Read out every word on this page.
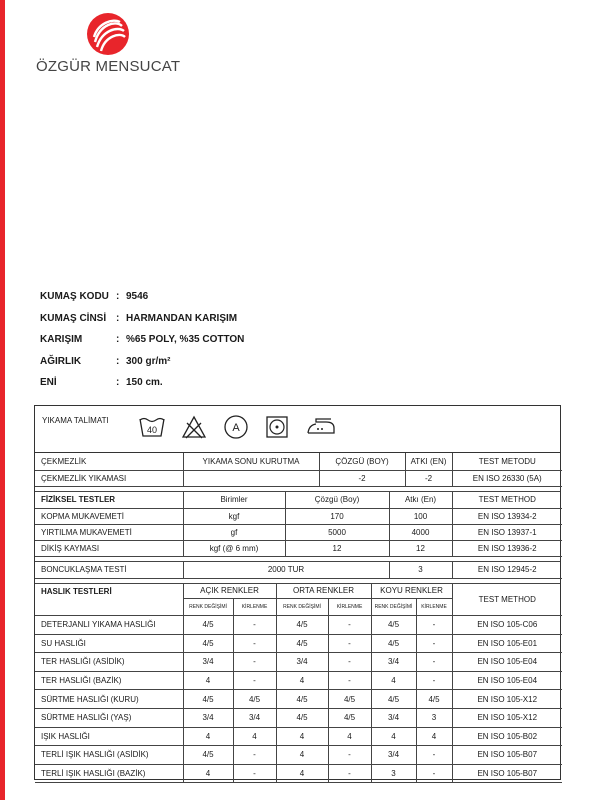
ÖZGÜR MENSUCAT
KUMAŞ KODU : 9546
KUMAŞ CİNSİ : HARMANDAN KARIŞIM
KARIŞIM	: %65 POLY, %35 COTTON
AĞIRLIK	: 300 gr/m²
ENİ	: 150 cm.
YIKAMA TALİMATI
40	A
ÇEKMEZLİK	YIKAMA SONU KURUTMA	ÇÖZGÜ (BOY)	ATKI (EN)	TEST METODU
ÇEKMEZLİK YIKAMASI		-2	-2	EN ISO 26330 (5A)
FİZİKSEL TESTLER	Birimler	Çözgü (Boy)	Atkı (En)	TEST METHOD
KOPMA MUKAVEMETİ	kgf	170	100	EN ISO 13934-2
YIRTILMA MUKAVEMETİ	gf	5000	4000	EN ISO 13937-1
DİKİŞ KAYMASI	kgf (@ 6 mm)	12	12	EN ISO 13936-2
BONCUKLAŞMA TESTİ	2000 TUR	3	EN ISO 12945-2
HASLIK TESTLERİ	AÇIK RENKLER		ORTA RENKLER		KOYU RENKLER		TEST METHOD
	RENK DEĞİŞİMİ	KİRLENME	RENK DEĞİŞİMİ	KİRLENME	RENK DEĞİŞİMİ	KİRLENME	
DETERJANLI YIKAMA HASLIĞI	4/5	-	4/5	-	4/5	-	EN ISO 105-C06
SU HASLIĞI	4/5	-	4/5	-	4/5	-	EN ISO 105-E01
TER HASLIĞI (ASİDİK)	3/4	-	3/4	-	3/4	-	EN ISO 105-E04
TER HASLIĞI (BAZİK)	4	-	4	-	4	-	EN ISO 105-E04
SÜRTME HASLIĞI (KURU)	4/5	4/5	4/5	4/5	4/5	4/5	EN ISO 105-X12
SÜRTME HASLIĞI (YAŞ)	3/4	3/4	4/5	4/5	3/4	3	EN ISO 105-X12
IŞIK HASLIĞI	4	4	4	4	4	4	EN ISO 105-B02
TERLİ IŞIK HASLIĞI (ASİDİK)	4/5	-	4	-	3/4	-	EN ISO 105-B07
TERLİ IŞIK HASLIĞI (BAZİK)	4	-	4	-	3	-	EN ISO 105-B07
